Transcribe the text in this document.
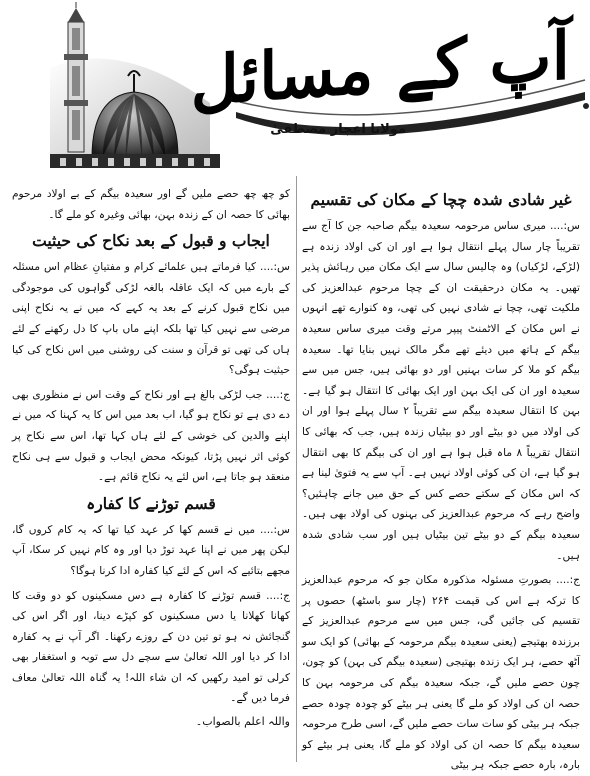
آپ کے مسائل
مولانا اعجاز مصطفیٰ
غیر شادی شدہ چچا کے مکان کی تقسیم

س:.... میری ساس مرحومہ سعیدہ بیگم صاحبہ جن کا آج سے تقریباً چار سال پہلے انتقال ہوا ہے اور ان کی اولاد زندہ ہے (لڑکے، لڑکیاں) وہ چالیس سال سے ایک مکان میں رہائش پذیر تھیں۔ یہ مکان درحقیقت ان کے چچا مرحوم عبدالعزیز کی ملکیت تھی، چچا نے شادی نہیں کی تھی، وہ کنوارے تھے انہوں نے اس مکان کے الاٹمنٹ پیپر مرتے وقت میری ساس سعیدہ بیگم کے ہاتھ میں دیئے تھے مگر مالک نہیں بنایا تھا۔ سعیدہ بیگم کو ملا کر سات بہنیں اور دو بھائی ہیں، جس میں سے سعیدہ اور ان کی ایک بہن اور ایک بھائی کا انتقال ہو گیا ہے۔ بہن کا انتقال سعیدہ بیگم سے تقریباً ۲ سال پہلے ہوا اور ان کی اولاد میں دو بیٹے اور دو بیٹیاں زندہ ہیں، جب کہ بھائی کا انتقال تقریباً ۸ ماہ قبل ہوا ہے اور ان کی بیگم کا بھی انتقال ہو گیا ہے، ان کی کوئی اولاد نہیں ہے۔ آپ سے یہ فتویٰ لینا ہے کہ اس مکان کے سکتے حصے کس کے حق میں جانے چاہئیں؟ واضح رہے کہ مرحوم عبدالعزیز کی بہنوں کی اولاد بھی ہیں۔ سعیدہ بیگم کے دو بیٹے تین بیٹیاں ہیں اور سب شادی شدہ ہیں۔

ج:.... بصورتِ مسئولہ مذکورہ مکان جو کہ مرحوم عبدالعزیز کا ترکہ ہے اس کی قیمت ۲۶۴ (چار سو باسٹھ) حصوں پر تقسیم کی جائیں گی، جس میں سے مرحوم عبدالعزیز کے برزندہ بھتیجے (یعنی سعیدہ بیگم مرحومہ کے بھائی) کو ایک سو آٹھ حصے، ہر ایک زندہ بھتیجی (سعیدہ بیگم کی بہن) کو چون، چون حصے ملیں گے، جبکہ سعیدہ بیگم کی مرحومہ بہن کا حصہ ان کی اولاد کو ملے گا یعنی ہر بیٹے کو چودہ چودہ حصے جبکہ ہر بیٹی کو سات سات حصے ملیں گے، اسی طرح مرحومہ سعیدہ بیگم کا حصہ ان کی اولاد کو ملے گا، یعنی ہر بیٹے کو بارہ، بارہ حصے جبکہ ہر بیٹی

کو چھ چھ حصے ملیں گے اور سعیدہ بیگم کے بے اولاد مرحوم بھائی کا حصہ ان کے زندہ بہن، بھائی وغیرہ کو ملے گا۔

ایجاب و قبول کے بعد نکاح کی حیثیت

س:.... کیا فرماتے ہیں علمائے کرام و مفتیانِ عظام اس مسئلہ کے بارے میں کہ ایک عاقلہ بالغہ لڑکی گواہوں کی موجودگی میں نکاح قبول کرنے کے بعد یہ کہے کہ میں نے یہ نکاح اپنی مرضی سے نہیں کیا تھا بلکہ اپنے ماں باپ کا دل رکھنے کے لئے ہاں کی تھی تو قرآن و سنت کی روشنی میں اس نکاح کی کیا حیثیت ہوگی؟

ج:.... جب لڑکی بالغ ہے اور نکاح کے وقت اس نے منظوری بھی دے دی ہے تو نکاح ہو گیا، اب بعد میں اس کا یہ کہنا کہ میں نے اپنے والدین کی خوشی کے لئے ہاں کہا تھا، اس سے نکاح پر کوئی اثر نہیں پڑتا، کیونکہ محض ایجاب و قبول سے ہی نکاح منعقد ہو جاتا ہے، اس لئے یہ نکاح قائم ہے۔

قسم توڑنے کا کفارہ

س:.... میں نے قسم کھا کر عہد کیا تھا کہ یہ کام کروں گا، لیکن پھر میں نے اپنا عہد توڑ دیا اور وہ کام نہیں کر سکا، آپ مجھے بتائیے کہ اس کے لئے کیا کفارہ ادا کرنا ہوگا؟

ج:.... قسم توڑنے کا کفارہ ہے دس مسکینوں کو دو وقت کا کھانا کھلانا یا دس مسکینوں کو کپڑے دینا، اور اگر اس کی گنجائش نہ ہو تو تین دن کے روزے رکھنا۔ اگر آپ نے یہ کفارہ ادا کر دیا اور اللہ تعالیٰ سے سچے دل سے توبہ و استغفار بھی کرلی تو امید رکھیں کہ ان شاء اللہ! یہ گناہ اللہ تعالیٰ معاف فرما دیں گے۔

واللہ اعلم بالصواب۔
